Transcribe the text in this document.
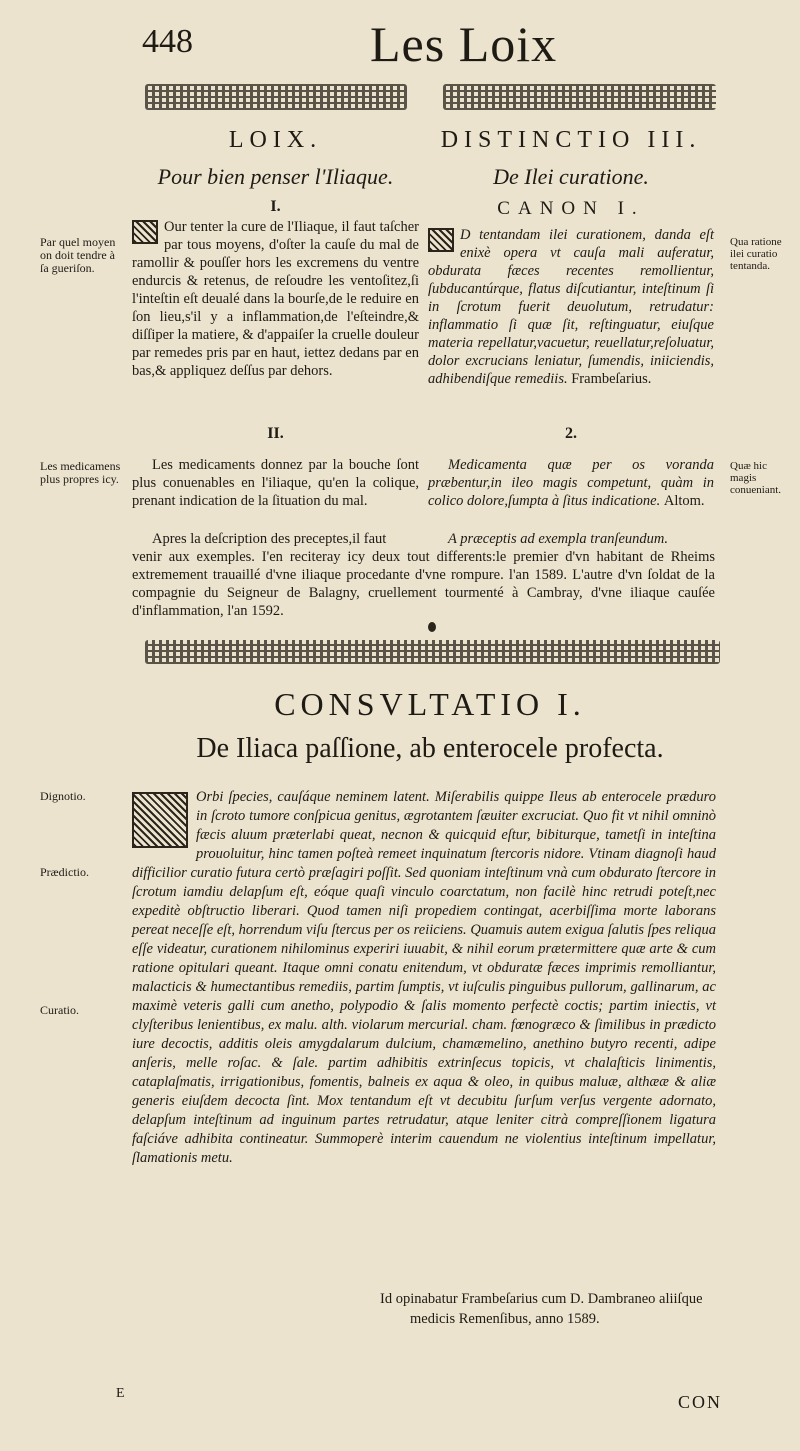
448	Les Loix
LOIX.
Pour bien penser l'Iliaque.
I.
Our tenter la cure de l'Iliaque, il faut taſcher par tous moyens, d'oſter la cauſe du mal de ramollir & pouſſer hors les excremens du ventre endurcis & retenus, de reſoudre les ventoſitez,ſi l'inteſtin eſt deualé dans la bourſe,de le reduire en ſon lieu,s'il y a inflammation,de l'eſteindre,& diſſiper la matiere, & d'appaiſer la cruelle douleur par remedes pris par en haut, iettez dedans par en bas,& appliquez deſſus par dehors.
II.
Les medicaments donnez par la bouche ſont plus conuenables en l'iliaque, qu'en la colique, prenant indication de la ſituation du mal.
Apres la deſcription des preceptes,il faut
DISTINCTIO III.
De Ilei curatione.
CANON I.
D tentandam ilei curationem, danda eſt enixè opera vt cauſa mali auferatur, obdurata fæces recentes remollientur, ſubducantúrque, flatus diſcutiantur, inteſtinum ſi in ſcrotum fuerit deuolutum, retrudatur: inflammatio ſi quæ ſit, reſtinguatur, eiuſque materia repellatur,vacuetur, reuellatur,reſoluatur, dolor excrucians leniatur, ſumendis, iniiciendis, adhibendiſque remediis. Frambeſarius.
2.
Medicamenta quæ per os voranda præbentur,in ileo magis competunt, quàm in colico dolore,ſumpta à ſitus indicatione. Altom.
A præceptis ad exempla tranſeundum.
venir aux exemples. I'en reciteray icy deux tout differents:le premier d'vn habitant de Rheims extremement trauaillé d'vne iliaque procedante d'vne rompure. l'an 1589. L'autre d'vn ſoldat de la compagnie du Seigneur de Balagny, cruellement tourmenté à Cambray, d'vne iliaque cauſée d'inflammation, l'an 1592.
CONSVLTATIO I.
De Iliaca paſſione, ab enterocele profecta.
Orbi ſpecies, cauſáque neminem latent. Miſerabilis quippe Ileus ab enterocele præduro in ſcroto tumore conſpicua genitus, ægrotantem ſæuiter excruciat. Quo fit vt nihil omninò fæcis aluum præterlabi queat, necnon & quicquid eſtur, bibiturque, tametſi in inteſtina prouoluitur, hinc tamen poſteà remeet inquinatum ſtercoris nidore. Vtinam diagnoſi haud difficilior curatio futura certò præſagiri poſſit. Sed quoniam inteſtinum vnà cum obdurato ſtercore in ſcrotum iamdiu delapſum eſt, eóque quaſi vinculo coarctatum, non facilè hinc retrudi poteſt,nec expeditè obſtructio liberari. Quod tamen niſi propediem contingat, acerbiſſima morte laborans pereat neceſſe eſt, horrendum viſu ſtercus per os reiiciens. Quamuis autem exigua ſalutis ſpes reliqua eſſe videatur, curationem nihilominus experiri iuuabit, & nihil eorum prætermittere quæ arte & cum ratione opitulari queant. Itaque omni conatu enitendum, vt obduratæ fæces imprimis remolliantur, malacticis & humectantibus remediis, partim ſumptis, vt iuſculis pinguibus pullorum, gallinarum, ac maximè veteris galli cum anetho, polypodio & ſalis momento perfectè coctis; partim iniectis, vt clyſteribus lenientibus, ex malu. alth. violarum mercurial. cham. fœnogræco & ſimilibus in prædicto iure decoctis, additis oleis amygdalarum dulcium, chamæmelino, anethino butyro recenti, adipe anſeris, melle roſac. & ſale. partim adhibitis extrinſecus topicis, vt chalaſticis linimentis, cataplaſmatis, irrigationibus, fomentis, balneis ex aqua & oleo, in quibus maluæ, althææ & aliæ generis eiuſdem decocta ſint. Mox tentandum eſt vt decubitu ſurſum verſus vergente adornato, delapſum inteſtinum ad inguinum partes retrudatur, atque leniter citrà compreſſionem ligatura faſciáve adhibita contineatur. Summoperè interim cauendum ne violentius inteſtinum impellatur, ſlamationis metu.
Id opinabatur Frambeſarius cum D. Dambraneo aliiſque
medicis Remenſibus, anno 1589.
Par quel moyen on doit tendre à ſa gueriſon.
Les medicamens plus propres icy.
Dignotio.
Prædictio.
Curatio.
Qua ratione ilei curatio tentanda.
Quæ hic magis conueniant.
E	CON
